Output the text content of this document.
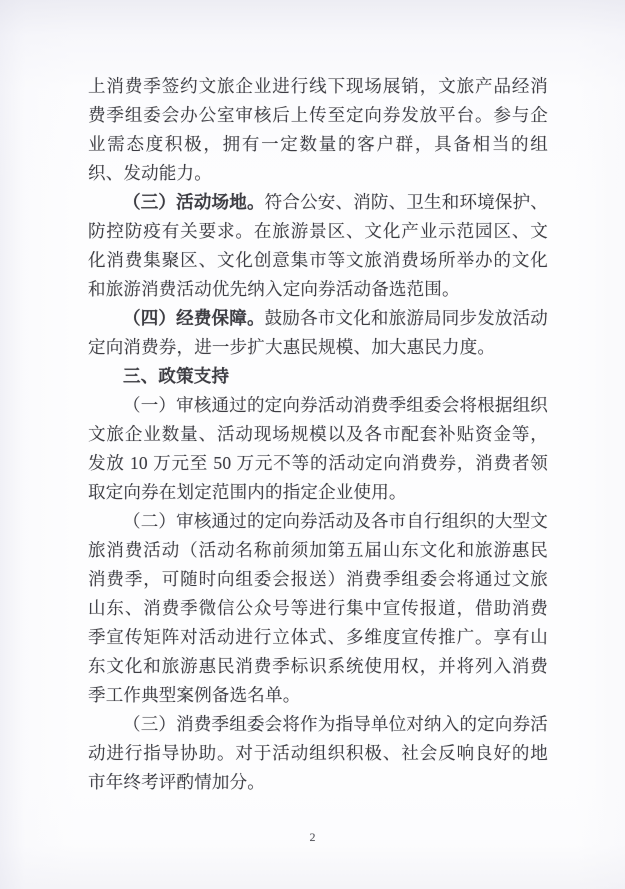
上消费季签约文旅企业进行线下现场展销，文旅产品经消费季组委会办公室审核后上传至定向券发放平台。参与企业需态度积极，拥有一定数量的客户群，具备相当的组织、发动能力。

（三）活动场地。符合公安、消防、卫生和环境保护、防控防疫有关要求。在旅游景区、文化产业示范园区、文化消费集聚区、文化创意集市等文旅消费场所举办的文化和旅游消费活动优先纳入定向券活动备选范围。

（四）经费保障。鼓励各市文化和旅游局同步发放活动定向消费券，进一步扩大惠民规模、加大惠民力度。

三、政策支持

（一）审核通过的定向券活动消费季组委会将根据组织文旅企业数量、活动现场规模以及各市配套补贴资金等，发放 10 万元至 50 万元不等的活动定向消费券，消费者领取定向券在划定范围内的指定企业使用。

（二）审核通过的定向券活动及各市自行组织的大型文旅消费活动（活动名称前须加第五届山东文化和旅游惠民消费季，可随时向组委会报送）消费季组委会将通过文旅山东、消费季微信公众号等进行集中宣传报道，借助消费季宣传矩阵对活动进行立体式、多维度宣传推广。享有山东文化和旅游惠民消费季标识系统使用权，并将列入消费季工作典型案例备选名单。

（三）消费季组委会将作为指导单位对纳入的定向券活动进行指导协助。对于活动组织积极、社会反响良好的地市年终考评酌情加分。

2
